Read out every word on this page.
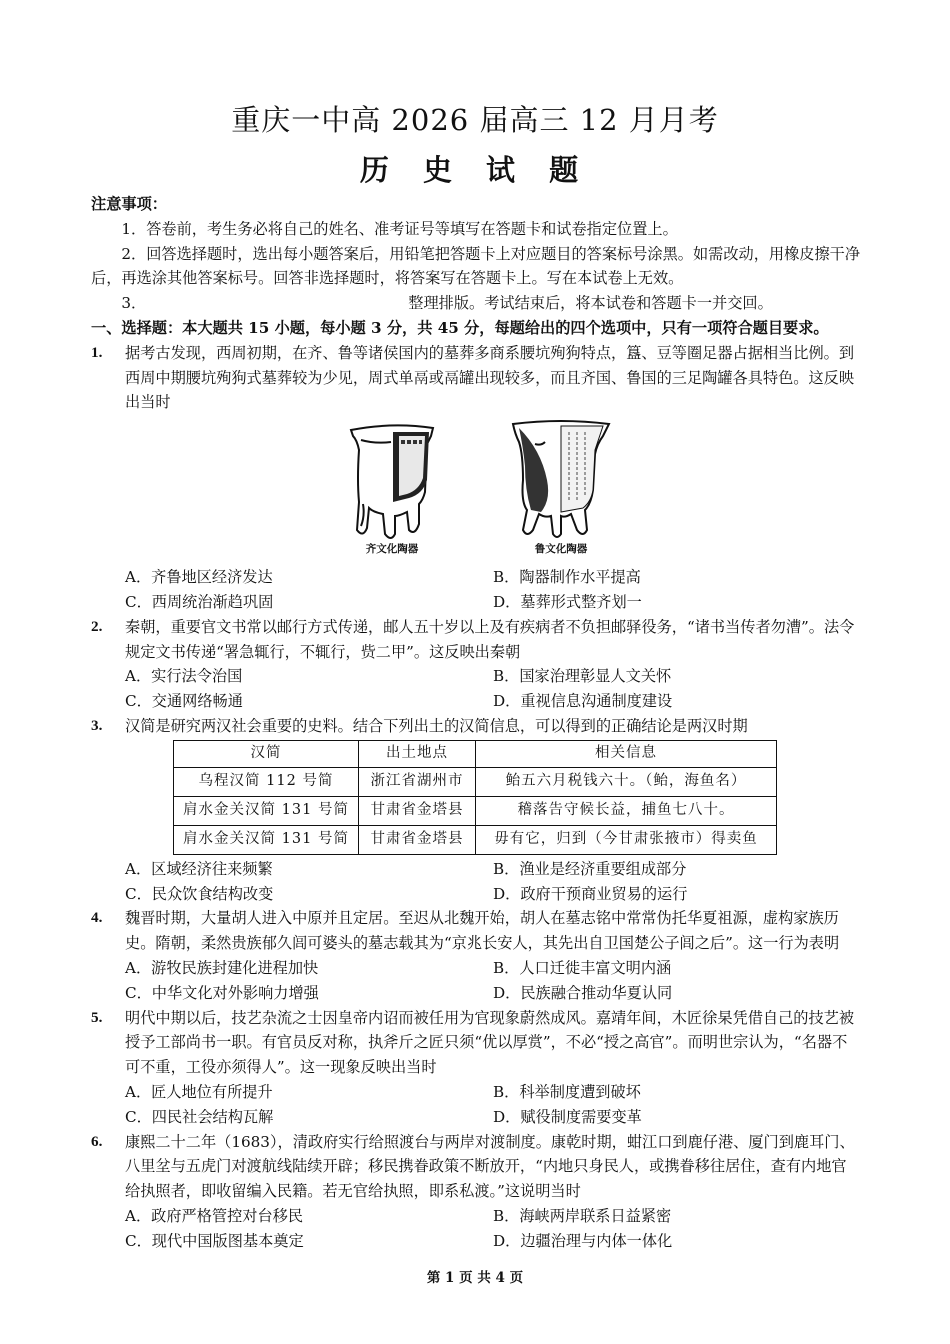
重庆一中高 2026 届高三 12 月月考
历 史 试 题

注意事项：

1．答卷前，考生务必将自己的姓名、准考证号等填写在答题卡和试卷指定位置上。

2．回答选择题时，选出每小题答案后，用铅笔把答题卡上对应题目的答案标号涂黑。如需改动，用橡皮擦干净后，再选涂其他答案标号。回答非选择题时，将答案写在答题卡上。写在本试卷上无效。

3．	整理排版。考试结束后，将本试卷和答题卡一并交回。

一、选择题：本大题共 15 小题，每小题 3 分，共 45 分，每题给出的四个选项中，只有一项符合题目要求。

1. 据考古发现，西周初期，在齐、鲁等诸侯国内的墓葬多商系腰坑殉狗特点，簋、豆等圈足器占据相当比例。到西周中期腰坑殉狗式墓葬较为少见，周式单鬲或鬲罐出现较多，而且齐国、鲁国的三足陶罐各具特色。这反映出当时

齐文化陶器	鲁文化陶器
A．齐鲁地区经济发达	B．陶器制作水平提高
C．西周统治渐趋巩固	D．墓葬形式整齐划一
2. 秦朝，重要官文书常以邮行方式传递，邮人五十岁以上及有疾病者不负担邮驿役务，“诸书当传者勿漕”。法令规定文书传递“署急辄行，不辄行，赀二甲”。这反映出秦朝

A．实行法令治国	B．国家治理彰显人文关怀
C．交通网络畅通	D．重视信息沟通制度建设
3. 汉简是研究两汉社会重要的史料。结合下列出土的汉简信息，可以得到的正确结论是两汉时期

汉简	出土地点	相关信息
乌程汉简 112 号简	浙江省湖州市	鲐五六月税钱六十。（鲐，海鱼名）
肩水金关汉简 131 号简	甘肃省金塔县	稽落告守候长益，捕鱼七八十。
肩水金关汉简 131 号简	甘肃省金塔县	毋有它，归到（今甘肃张掖市）得卖鱼
A．区域经济往来频繁	B．渔业是经济重要组成部分
C．民众饮食结构改变	D．政府干预商业贸易的运行
4. 魏晋时期，大量胡人进入中原并且定居。至迟从北魏开始，胡人在墓志铭中常常伪托华夏祖源，虚构家族历史。隋朝，柔然贵族郁久闾可婆头的墓志载其为“京兆长安人，其先出自卫国楚公子闾之后”。这一行为表明

A．游牧民族封建化进程加快	B．人口迁徙丰富文明内涵
C．中华文化对外影响力增强	D．民族融合推动华夏认同
5. 明代中期以后，技艺杂流之士因皇帝内诏而被任用为官现象蔚然成风。嘉靖年间，木匠徐杲凭借自己的技艺被授予工部尚书一职。有官员反对称，执斧斤之匠只须“优以厚赏”，不必“授之高官”。而明世宗认为，“名器不可不重，工役亦须得人”。这一现象反映出当时

A．匠人地位有所提升	B．科举制度遭到破坏
C．四民社会结构瓦解	D．赋役制度需要变革
6. 康熙二十二年（1683），清政府实行给照渡台与两岸对渡制度。康乾时期，蚶江口到鹿仔港、厦门到鹿耳门、八里坌与五虎门对渡航线陆续开辟；移民携眷政策不断放开，“内地只身民人，或携眷移往居住，查有内地官给执照者，即收留编入民籍。若无官给执照，即系私渡。”这说明当时

A．政府严格管控对台移民	B．海峡两岸联系日益紧密
C．现代中国版图基本奠定	D．边疆治理与内体一体化
第 1 页 共 4 页
